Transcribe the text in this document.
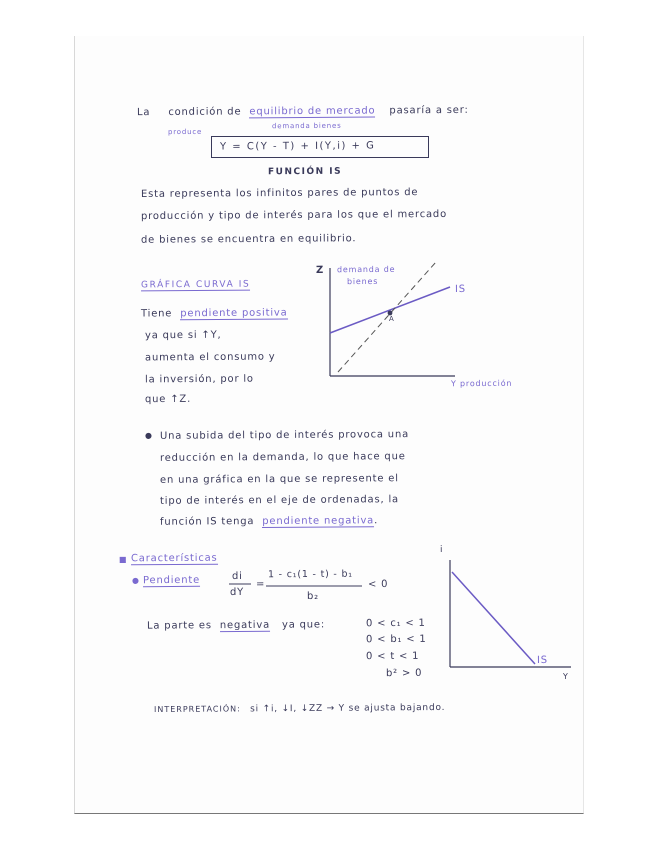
La condición de equilibrio de mercado pasaría a ser:
produce
demanda bienes
Y = C(Y - T) + I(Y,i) + G
FUNCIÓN IS
Esta representa los infinitos pares de puntos de
producción y tipo de interés para los que el mercado
de bienes se encuentra en equilibrio.
GRÁFICA CURVA IS
Tiene pendiente positiva
ya que si ↑Y,
aumenta el consumo y
la inversión, por lo
que ↑Z.
Z demanda de
bienes
IS
A
Y producción
● Una subida del tipo de interés provoca una
reducción en la demanda, lo que hace que
en una gráfica en la que se represente el
tipo de interés en el eje de ordenadas, la
función IS tenga pendiente negativa.
■ Características
● Pendiente	di
dY
=
1 - c₁(1 - t) - b₁
b₂
< 0
La parte es negativa ya que:	0 < c₁ < 1
0 < b₁ < 1
0 < t < 1
b² > 0
i
IS
Y
INTERPRETACIÓN: si ↑i, ↓I, ↓ZZ → Y se ajusta bajando.
